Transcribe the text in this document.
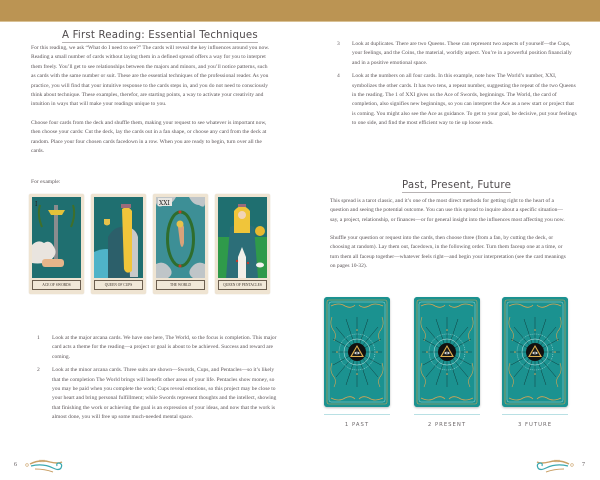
A First Reading: Essential Techniques

For this reading, we ask “What do I need to see?” The cards will reveal the key influences around you now. Reading a small number of cards without laying them in a defined spread offers a way for you to interpret them freely. You’ll get to see relationships between the majors and minors, and you’ll notice patterns, such as cards with the same number or suit. These are the essential techniques of the professional reader. As you practice, you will find that your intuitive response to the cards steps in, and you do not need to consciously think about technique. These examples, therefor, are starting points, a way to activate your creativity and intuition in ways that will make your readings unique to you.

Choose four cards from the deck and shuffle them, making your request to see whatever is important now, then choose your cards: Cut the deck, lay the cards out in a fan shape, or choose any card from the deck at random. Place your four chosen cards facedown in a row. When you are ready to begin, turn over all the cards.

For example:

I
ACE OF SWORDS	QUEEN OF CUPS
XXI
THE WORLD	QUEEN OF PENTACLES
1 Look at the major arcana cards. We have one here, The World, so the focus is completion. This major card acts a theme for the reading—a project or goal is about to be achieved. Success and reward are coming.
2 Look at the minor arcana cards. Three suits are shown—Swords, Cups, and Pentacles—so it’s likely that the completion The World brings will benefit other areas of your life. Pentacles show money, so you may be paid when you complete the work; Cups reveal emotions, so this project may be close to your heart and bring personal fulfillment; while Swords represent thoughts and the intellect, showing that finishing the work or achieving the goal is an expression of your ideas, and now that the work is almost done, you will free up some much-needed mental space.
6
3 Look at duplicates. There are two Queens. These can represent two aspects of yourself—the Cups, your feelings, and the Coins, the material, worldly aspect. You’re in a powerful position financially and in a positive emotional space.
4 Look at the numbers on all four cards. In this example, note how The World’s number, XXI, symbolizes the other cards. It has two tens, a repeat number, suggesting the repeat of the two Queens in the reading. The 1 of XXI gives us the Ace of Swords, beginnings. The World, the card of completion, also signifies new beginnings, so you can interpret the Ace as a new start or project that is coming. You might also see the Ace as guidance. To get to your goal, be decisive, put your feelings to one side, and find the most efficient way to tie up loose ends.
Past, Present, Future

This spread is a tarot classic, and it’s one of the most direct methods for getting right to the heart of a question and seeing the potential outcome. You can use this spread to inquire about a specific situation—say, a project, relationship, or finances—or for general insight into the influences most affecting you now.

Shuffle your question or request into the cards, then choose three (from a fan, by cutting the deck, or choosing at random). Lay them out, facedown, in the following order. Turn them faceup one at a time, or turn them all faceup together—whatever feels right—and begin your interpretation (see the card meanings on pages 10-32).

1 PAST	2 PRESENT	3 FUTURE
7
